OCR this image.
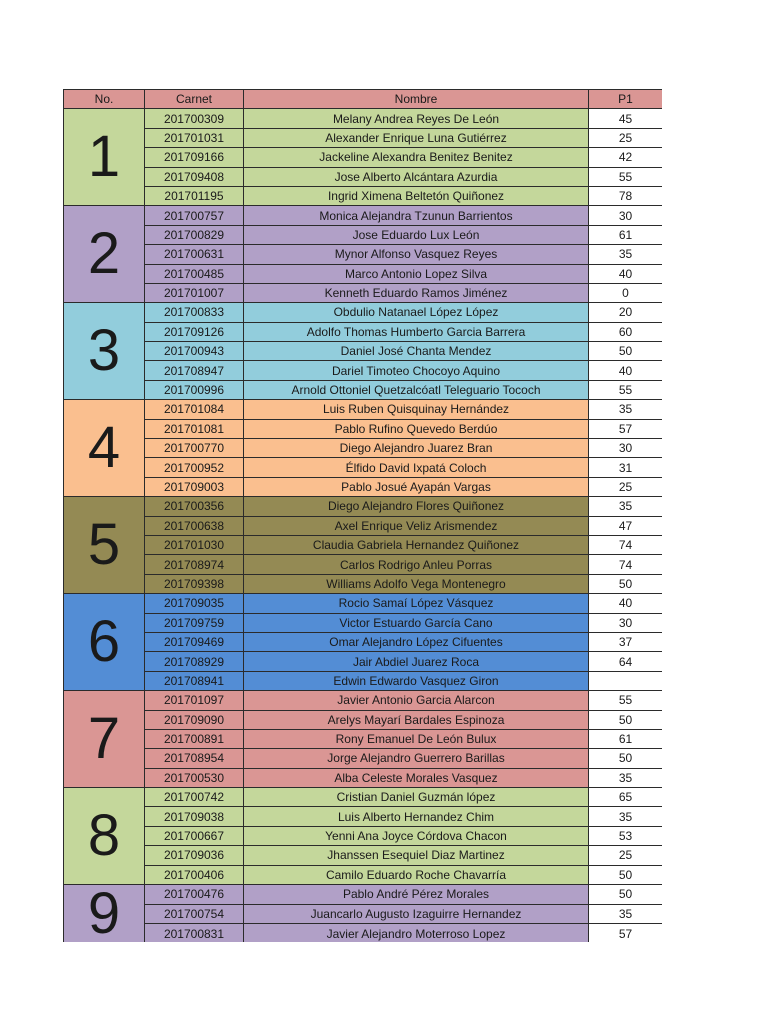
No.	Carnet	Nombre	P1
1	201700309	Melany Andrea Reyes De León	45
	201701031	Alexander Enrique Luna Gutiérrez	25
	201709166	Jackeline Alexandra Benitez Benitez	42
	201709408	Jose Alberto Alcántara Azurdia	55
	201701195	Ingrid Ximena Beltetón Quiñonez	78
2	201700757	Monica Alejandra Tzunun Barrientos	30
	201700829	Jose Eduardo Lux León	61
	201700631	Mynor Alfonso Vasquez Reyes	35
	201700485	Marco Antonio Lopez Silva	40
	201701007	Kenneth Eduardo Ramos Jiménez	0
3	201700833	Obdulio Natanael López López	20
	201709126	Adolfo Thomas Humberto Garcia Barrera	60
	201700943	Daniel José Chanta Mendez	50
	201708947	Dariel Timoteo Chocoyo Aquino	40
	201700996	Arnold Ottoniel Quetzalcóatl Teleguario Tococh	55
4	201701084	Luis Ruben Quisquinay Hernández	35
	201701081	Pablo Rufino Quevedo Berdúo	57
	201700770	Diego Alejandro Juarez Bran	30
	201700952	Élfido David Ixpatá Coloch	31
	201709003	Pablo Josué Ayapán Vargas	25
5	201700356	Diego Alejandro Flores Quiñonez	35
	201700638	Axel Enrique Veliz Arismendez	47
	201701030	Claudia Gabriela Hernandez Quiñonez	74
	201708974	Carlos Rodrigo Anleu Porras	74
	201709398	Williams Adolfo Vega Montenegro	50
6	201709035	Rocio Samaí López Vásquez	40
	201709759	Victor Estuardo García Cano	30
	201709469	Omar Alejandro López Cifuentes	37
	201708929	Jair Abdiel Juarez Roca	64
	201708941	Edwin Edwardo Vasquez Giron	
7	201701097	Javier Antonio Garcia Alarcon	55
	201709090	Arelys Mayarí Bardales Espinoza	50
	201700891	Rony Emanuel De León Bulux	61
	201708954	Jorge Alejandro Guerrero Barillas	50
	201700530	Alba Celeste Morales Vasquez	35
8	201700742	Cristian Daniel Guzmán lópez	65
	201709038	Luis Alberto Hernandez Chim	35
	201700667	Yenni Ana Joyce Córdova Chacon	53
	201709036	Jhanssen Esequiel Diaz Martinez	25
	201700406	Camilo Eduardo Roche Chavarría	50
9	201700476	Pablo André Pérez Morales	50
	201700754	Juancarlo Augusto Izaguirre Hernandez	35
	201700831	Javier Alejandro Moterroso Lopez	57
